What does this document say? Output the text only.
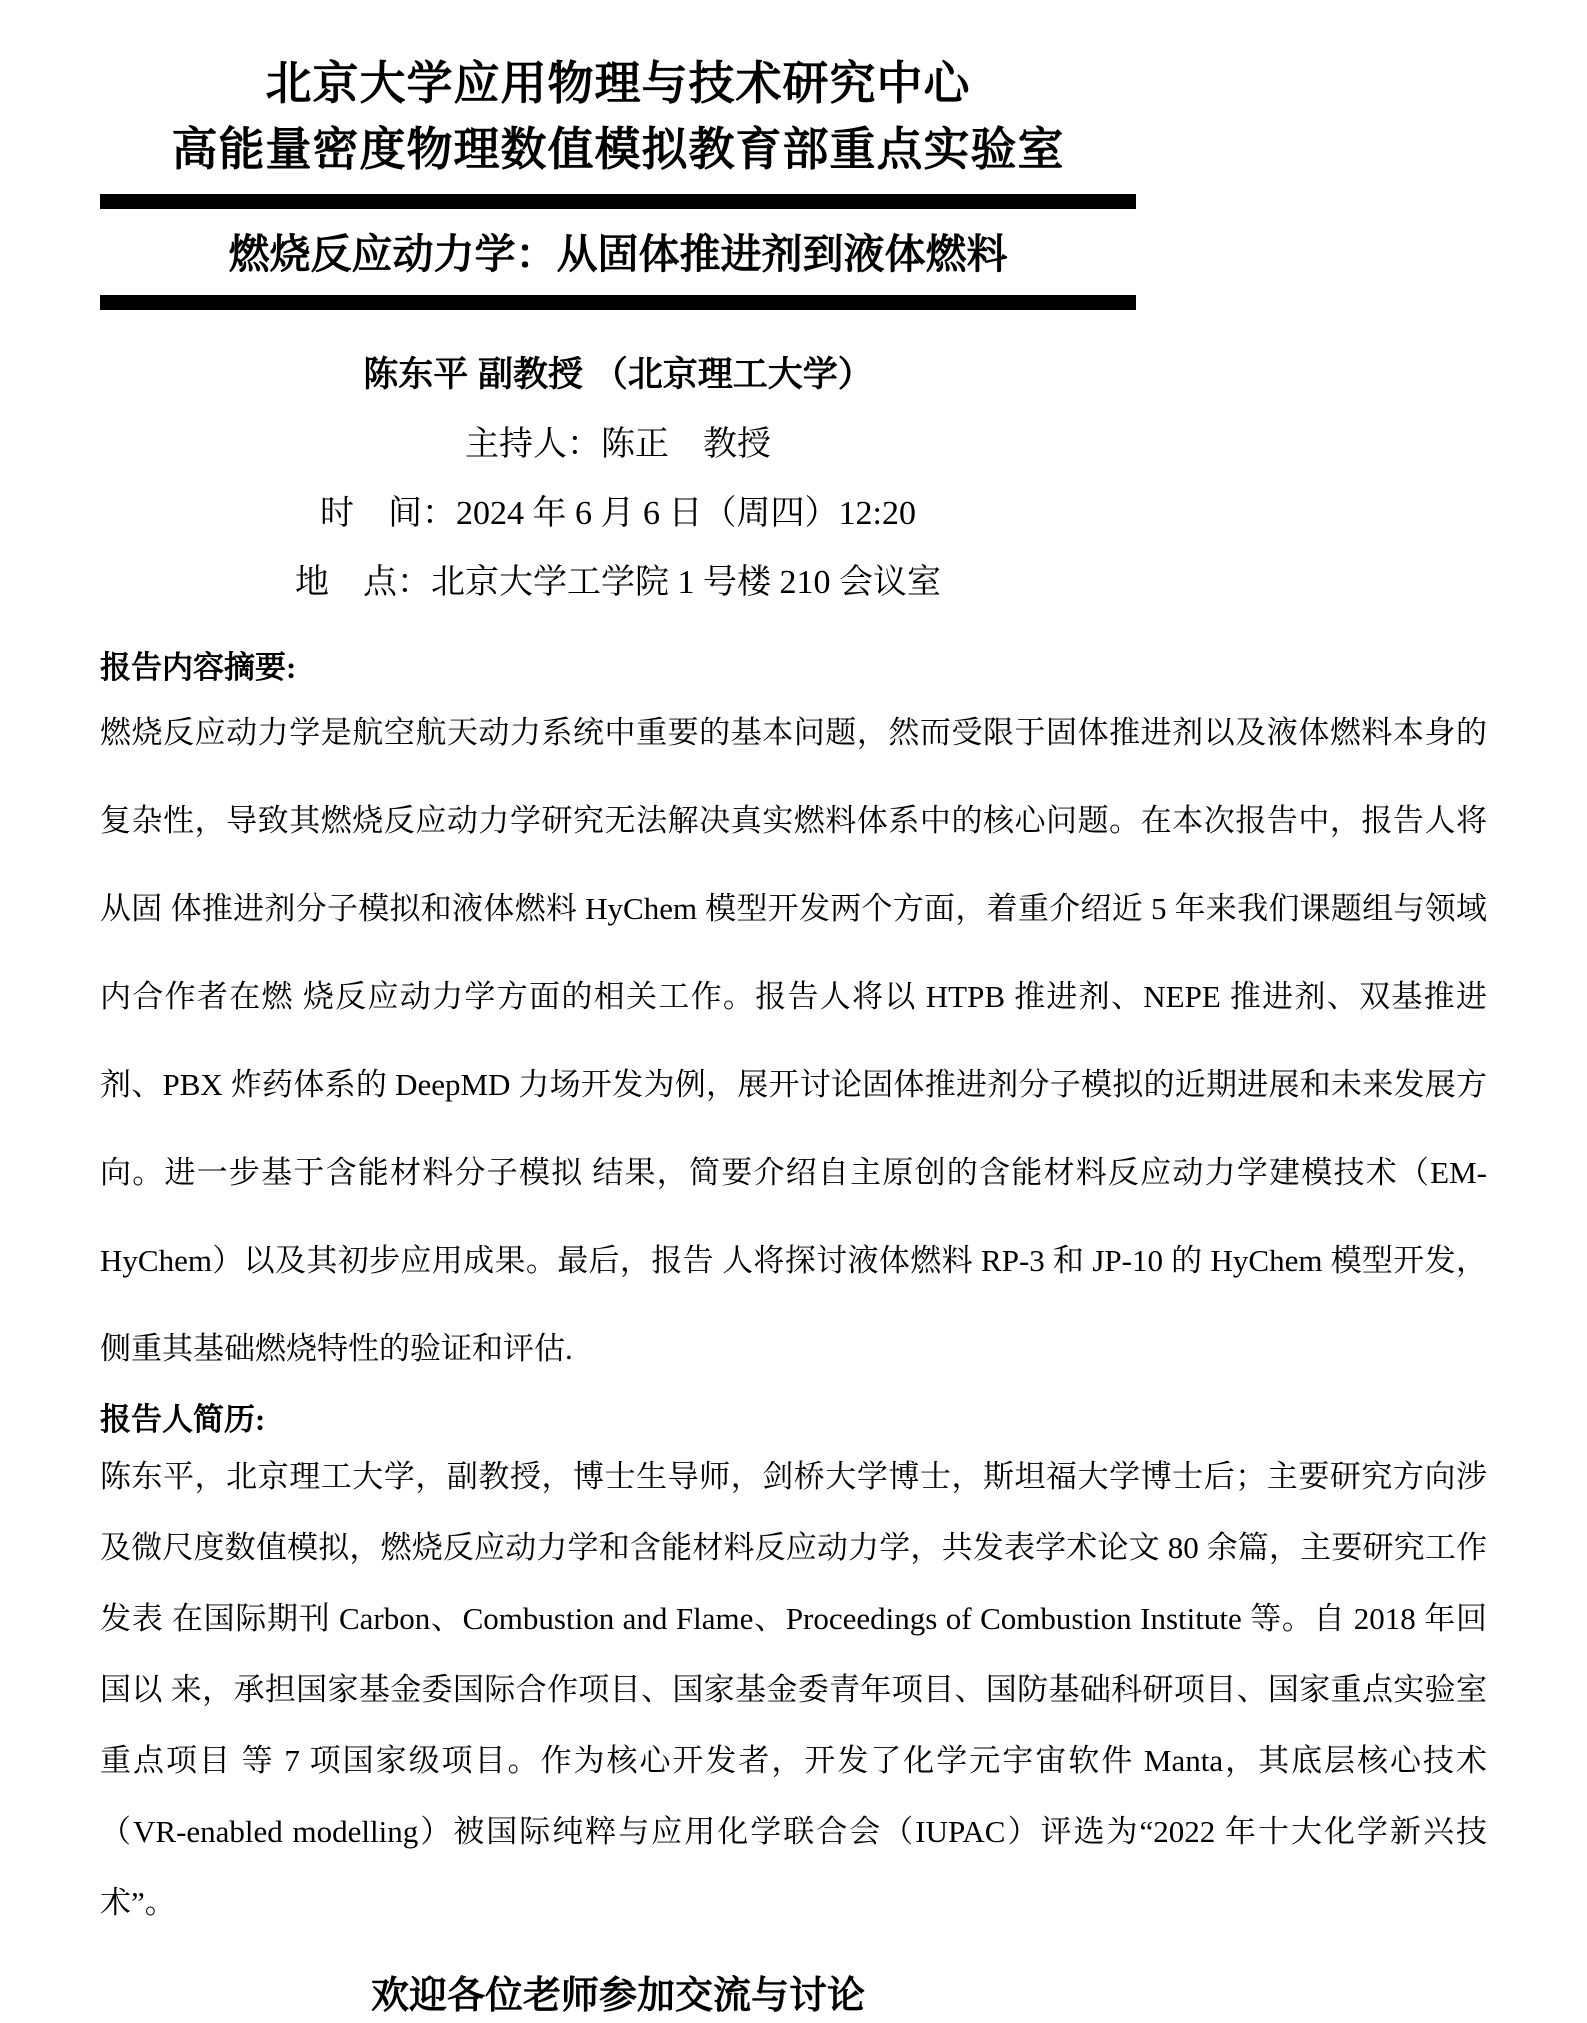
北京大学应用物理与技术研究中心
高能量密度物理数值模拟教育部重点实验室
燃烧反应动力学：从固体推进剂到液体燃料
陈东平 副教授 （北京理工大学）
主持人：陈正　教授
时　间：2024 年 6 月 6 日（周四）12:20
地　点：北京大学工学院 1 号楼 210 会议室
报告内容摘要:

燃烧反应动力学是航空航天动力系统中重要的基本问题，然而受限于固体推进剂以及液体燃料本身的 复杂性，导致其燃烧反应动力学研究无法解决真实燃料体系中的核心问题。在本次报告中，报告人将从固 体推进剂分子模拟和液体燃料 HyChem 模型开发两个方面，着重介绍近 5 年来我们课题组与领域内合作者在燃 烧反应动力学方面的相关工作。报告人将以 HTPB 推进剂、NEPE 推进剂、双基推进剂、PBX 炸药体系的 DeepMD 力场开发为例，展开讨论固体推进剂分子模拟的近期进展和未来发展方向。进一步基于含能材料分子模拟 结果，简要介绍自主原创的含能材料反应动力学建模技术（EM-HyChem）以及其初步应用成果。最后，报告 人将探讨液体燃料 RP-3 和 JP-10 的 HyChem 模型开发，侧重其基础燃烧特性的验证和评估.

报告人简历:

陈东平，北京理工大学，副教授，博士生导师，剑桥大学博士，斯坦福大学博士后；主要研究方向涉 及微尺度数值模拟，燃烧反应动力学和含能材料反应动力学，共发表学术论文 80 余篇，主要研究工作发表 在国际期刊 Carbon、Combustion and Flame、Proceedings of Combustion Institute 等。自 2018 年回国以 来，承担国家基金委国际合作项目、国家基金委青年项目、国防基础科研项目、国家重点实验室重点项目 等 7 项国家级项目。作为核心开发者，开发了化学元宇宙软件 Manta，其底层核心技术（VR-enabled modelling）被国际纯粹与应用化学联合会（IUPAC）评选为“2022 年十大化学新兴技术”。

欢迎各位老师参加交流与讨论
